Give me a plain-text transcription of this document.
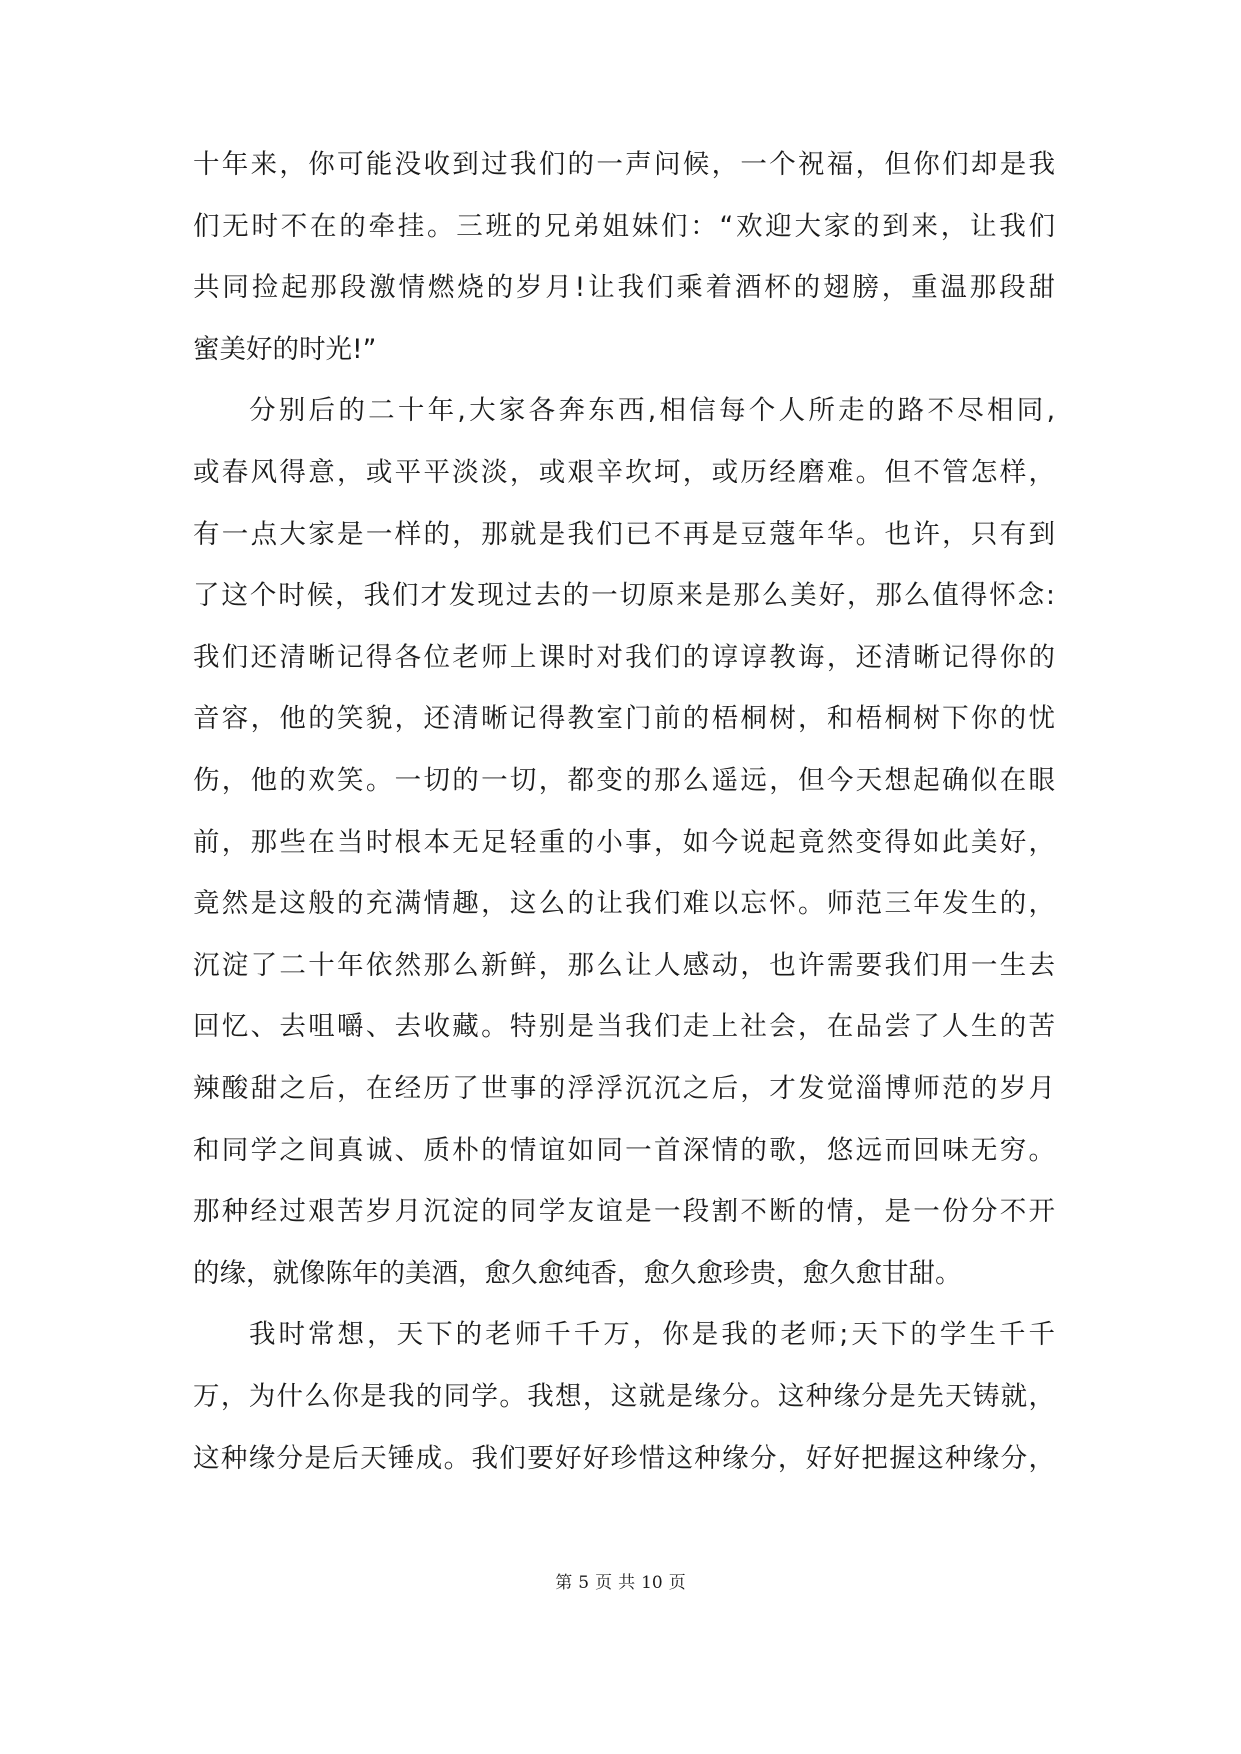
十年来，你可能没收到过我们的一声问候，一个祝福，但你们却是我
们无时不在的牵挂。三班的兄弟姐妹们：“欢迎大家的到来，让我们
共同捡起那段激情燃烧的岁月!让我们乘着酒杯的翅膀，重温那段甜
蜜美好的时光!”
分别后的二十年,大家各奔东西,相信每个人所走的路不尽相同,
或春风得意，或平平淡淡，或艰辛坎坷，或历经磨难。但不管怎样，
有一点大家是一样的，那就是我们已不再是豆蔻年华。也许，只有到
了这个时候，我们才发现过去的一切原来是那么美好，那么值得怀念:
我们还清晰记得各位老师上课时对我们的谆谆教诲，还清晰记得你的
音容，他的笑貌，还清晰记得教室门前的梧桐树，和梧桐树下你的忧
伤，他的欢笑。一切的一切，都变的那么遥远，但今天想起确似在眼
前，那些在当时根本无足轻重的小事，如今说起竟然变得如此美好，
竟然是这般的充满情趣，这么的让我们难以忘怀。师范三年发生的，
沉淀了二十年依然那么新鲜，那么让人感动，也许需要我们用一生去
回忆、去咀嚼、去收藏。特别是当我们走上社会，在品尝了人生的苦
辣酸甜之后，在经历了世事的浮浮沉沉之后，才发觉淄博师范的岁月
和同学之间真诚、质朴的情谊如同一首深情的歌，悠远而回味无穷。
那种经过艰苦岁月沉淀的同学友谊是一段割不断的情，是一份分不开
的缘，就像陈年的美酒，愈久愈纯香，愈久愈珍贵，愈久愈甘甜。
我时常想，天下的老师千千万，你是我的老师;天下的学生千千
万，为什么你是我的同学。我想，这就是缘分。这种缘分是先天铸就，
这种缘分是后天锤成。我们要好好珍惜这种缘分，好好把握这种缘分，
第 5 页 共 10 页
